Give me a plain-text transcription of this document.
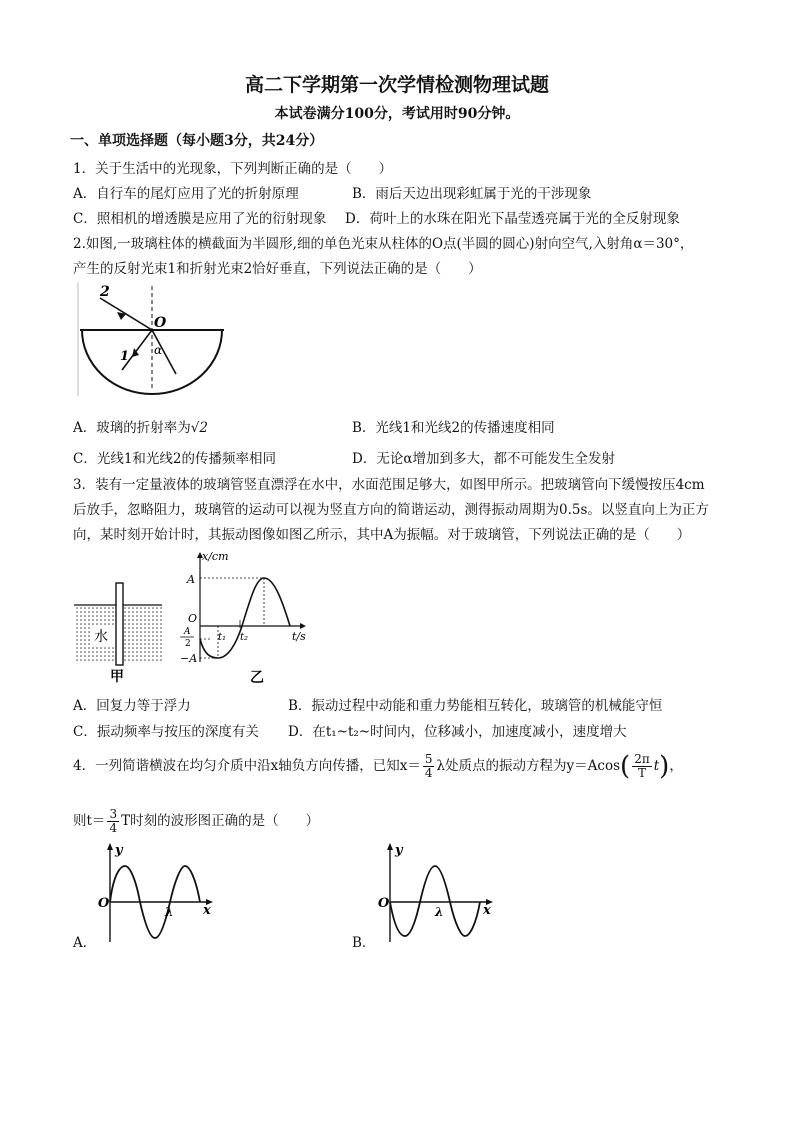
高二下学期第一次学情检测物理试题
本试卷满分100分，考试用时90分钟。
一、单项选择题（每小题3分，共24分）
1．关于生活中的光现象，下列判断正确的是（　　）
A．自行车的尾灯应用了光的折射原理	B．雨后天边出现彩虹属于光的干涉现象
C．照相机的增透膜是应用了光的衍射现象 D．荷叶上的水珠在阳光下晶莹透亮属于光的全反射现象
2.如图,一玻璃柱体的横截面为半圆形,细的单色光束从柱体的O点(半圆的圆心)射向空气,入射角α＝30°，
产生的反射光束1和折射光束2恰好垂直，下列说法正确的是（　　）
2
O
1 α
A．玻璃的折射率为√2	B．光线1和光线2的传播速度相同
C．光线1和光线2的传播频率相同	D．无论α增加到多大，都不可能发生全发射
3．装有一定量液体的玻璃管竖直漂浮在水中，水面范围足够大，如图甲所示。把玻璃管向下缓慢按压4cm
后放手，忽略阻力，玻璃管的运动可以视为竖直方向的简谐运动，测得振动周期为0.5s。以竖直向上为正方
向，某时刻开始计时，其振动图像如图乙所示，其中A为振幅。对于玻璃管，下列说法正确的是（　　）
水
甲
x/cm
t/s
A
O
A
2
−A
t₁ t₂
乙
A．回复力等于浮力	B．振动过程中动能和重力势能相互转化，玻璃管的机械能守恒
C．振动频率与按压的深度有关 D．在t₁~t₂~时间内，位移减小，加速度减小，速度增大
4．一列简谐横波在均匀介质中沿x轴负方向传播，已知$x= \frac{5}{4}$ λ处质点的振动方程为$y=Acos( \frac{2\pi}{T} t)$，
则$t= \frac{3}{4}$ T时刻的波形图正确的是（　　）
A．
y
O
λ x
B．
y
O
λ	x
